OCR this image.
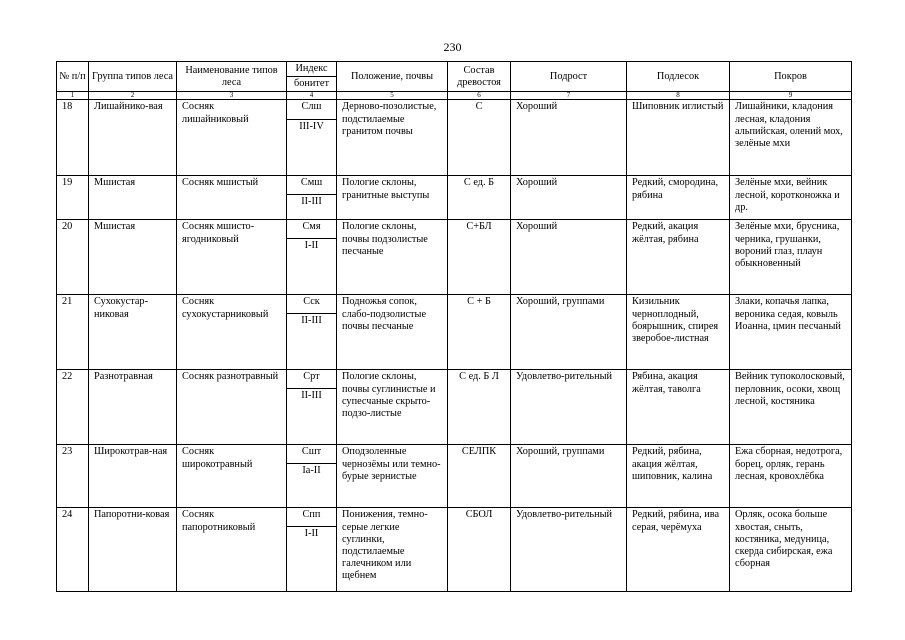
230
№ п/п	Группа типов леса	Наименование типов леса	Индекс	Положение, почвы	Состав древостоя	Подрост	Подлесок	Покров
			бонитет					
1	2	3	4	5	6	7	8	9
18	Лишайнико-вая	Сосняк лишайниковый	Слш	Дерново-позолистые, подстилаемые гранитом почвы	С	Хороший	Шиповник иглистый	Лишайники, кладония лесная, кладония альпийская, олений мох, зелёные мхи
			III-IV					
19	Мшистая	Сосняк мшистый	Смш	Пологие склоны, гранитные выступы	С ед. Б	Хороший	Редкий, смородина, рябина	Зелёные мхи, вейник лесной, коротконожка и др.
			II-III					
20	Мшистая	Сосняк мшисто-ягодниковый	Смя	Пологие склоны, почвы подзолистые песчаные	С+БЛ	Хороший	Редкий, акация жёлтая, рябина	Зелёные мхи, брусника, черника, грушанки, вороний глаз, плаун обыкновенный
			I-II					
21	Сухокустар-никовая	Сосняк сухокустарниковый	Сск	Подножья сопок, слабо-подзолистые почвы песчаные	С + Б	Хороший, группами	Кизильник черноплодный, боярышник, спирея зверобое-листная	Злаки, копачья лапка, вероника седая, ковыль Иоанна, цмин песчаный
			II-III					
22	Разнотравная	Сосняк разнотравный	Срт	Пологие склоны, почвы суглинистые и супесчаные скрыто-подзо-листые	С ед. Б Л	Удовлетво-рительный	Рябина, акация жёлтая, таволга	Вейник тупоколосковый, перловник, осоки, хвощ лесной, костяника
			II-III					
23	Широкотрав-ная	Сосняк широкотравный	Сшт	Оподзоленные чернозёмы или темно-бурые зернистые	СЕЛПК	Хороший, группами	Редкий, рябина, акация жёлтая, шиповник, калина	Ежа сборная, недотрога, борец, орляк, герань лесная, кровохлёбка
			Ia-II					
24	Папоротни-ковая	Сосняк папоротниковый	Спп	Понижения, темно-серые легкие суглинки, подстилаемые галечником или щебнем	СБОЛ	Удовлетво-рительный	Редкий, рябина, ива серая, черёмуха	Орляк, осока больше хвостая, сныть, костяника, медуница, скерда сибирская, ежа сборная
			I-II					
